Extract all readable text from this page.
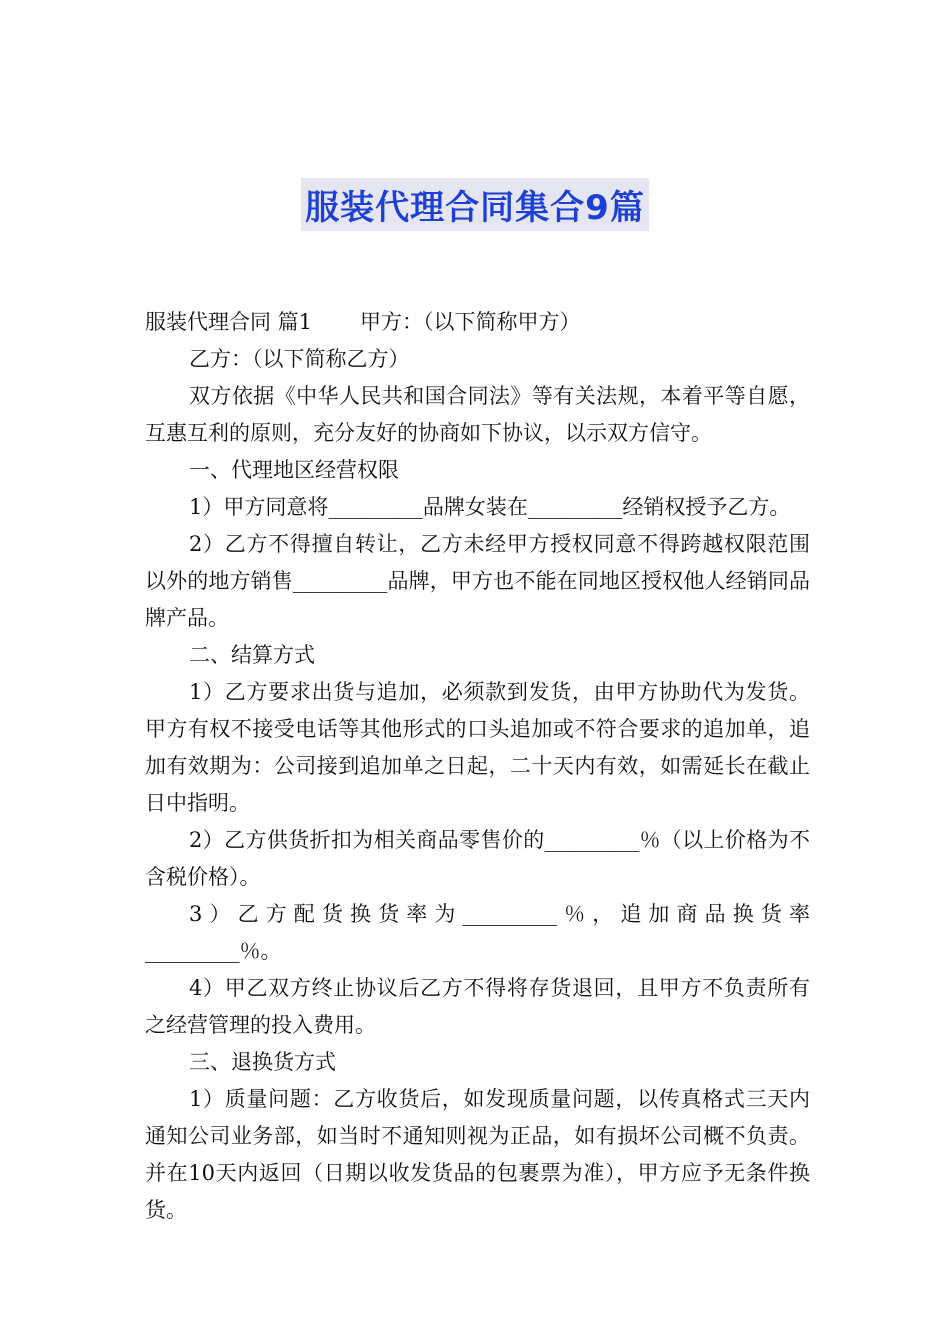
服装代理合同集合9篇

服装代理合同 篇1 甲方：（以下简称甲方）

乙方：（以下简称乙方）

双方依据《中华人民共和国合同法》等有关法规，本着平等自愿，互惠互利的原则，充分友好的协商如下协议，以示双方信守。

一、代理地区经营权限

1）甲方同意将_________品牌女装在_________经销权授予乙方。

2）乙方不得擅自转让，乙方未经甲方授权同意不得跨越权限范围以外的地方销售_________品牌，甲方也不能在同地区授权他人经销同品牌产品。

二、结算方式

1）乙方要求出货与追加，必须款到发货，由甲方协助代为发货。甲方有权不接受电话等其他形式的口头追加或不符合要求的追加单，追加有效期为：公司接到追加单之日起，二十天内有效，如需延长在截止日中指明。

2）乙方供货折扣为相关商品零售价的_________％（以上价格为不含税价格）。

3）乙方配货换货率为_________％，追加商品换货率_________％。

4）甲乙双方终止协议后乙方不得将存货退回，且甲方不负责所有之经营管理的投入费用。

三、退换货方式

1）质量问题：乙方收货后，如发现质量问题，以传真格式三天内通知公司业务部，如当时不通知则视为正品，如有损坏公司概不负责。并在10天内返回（日期以收发货品的包裹票为准），甲方应予无条件换货。
